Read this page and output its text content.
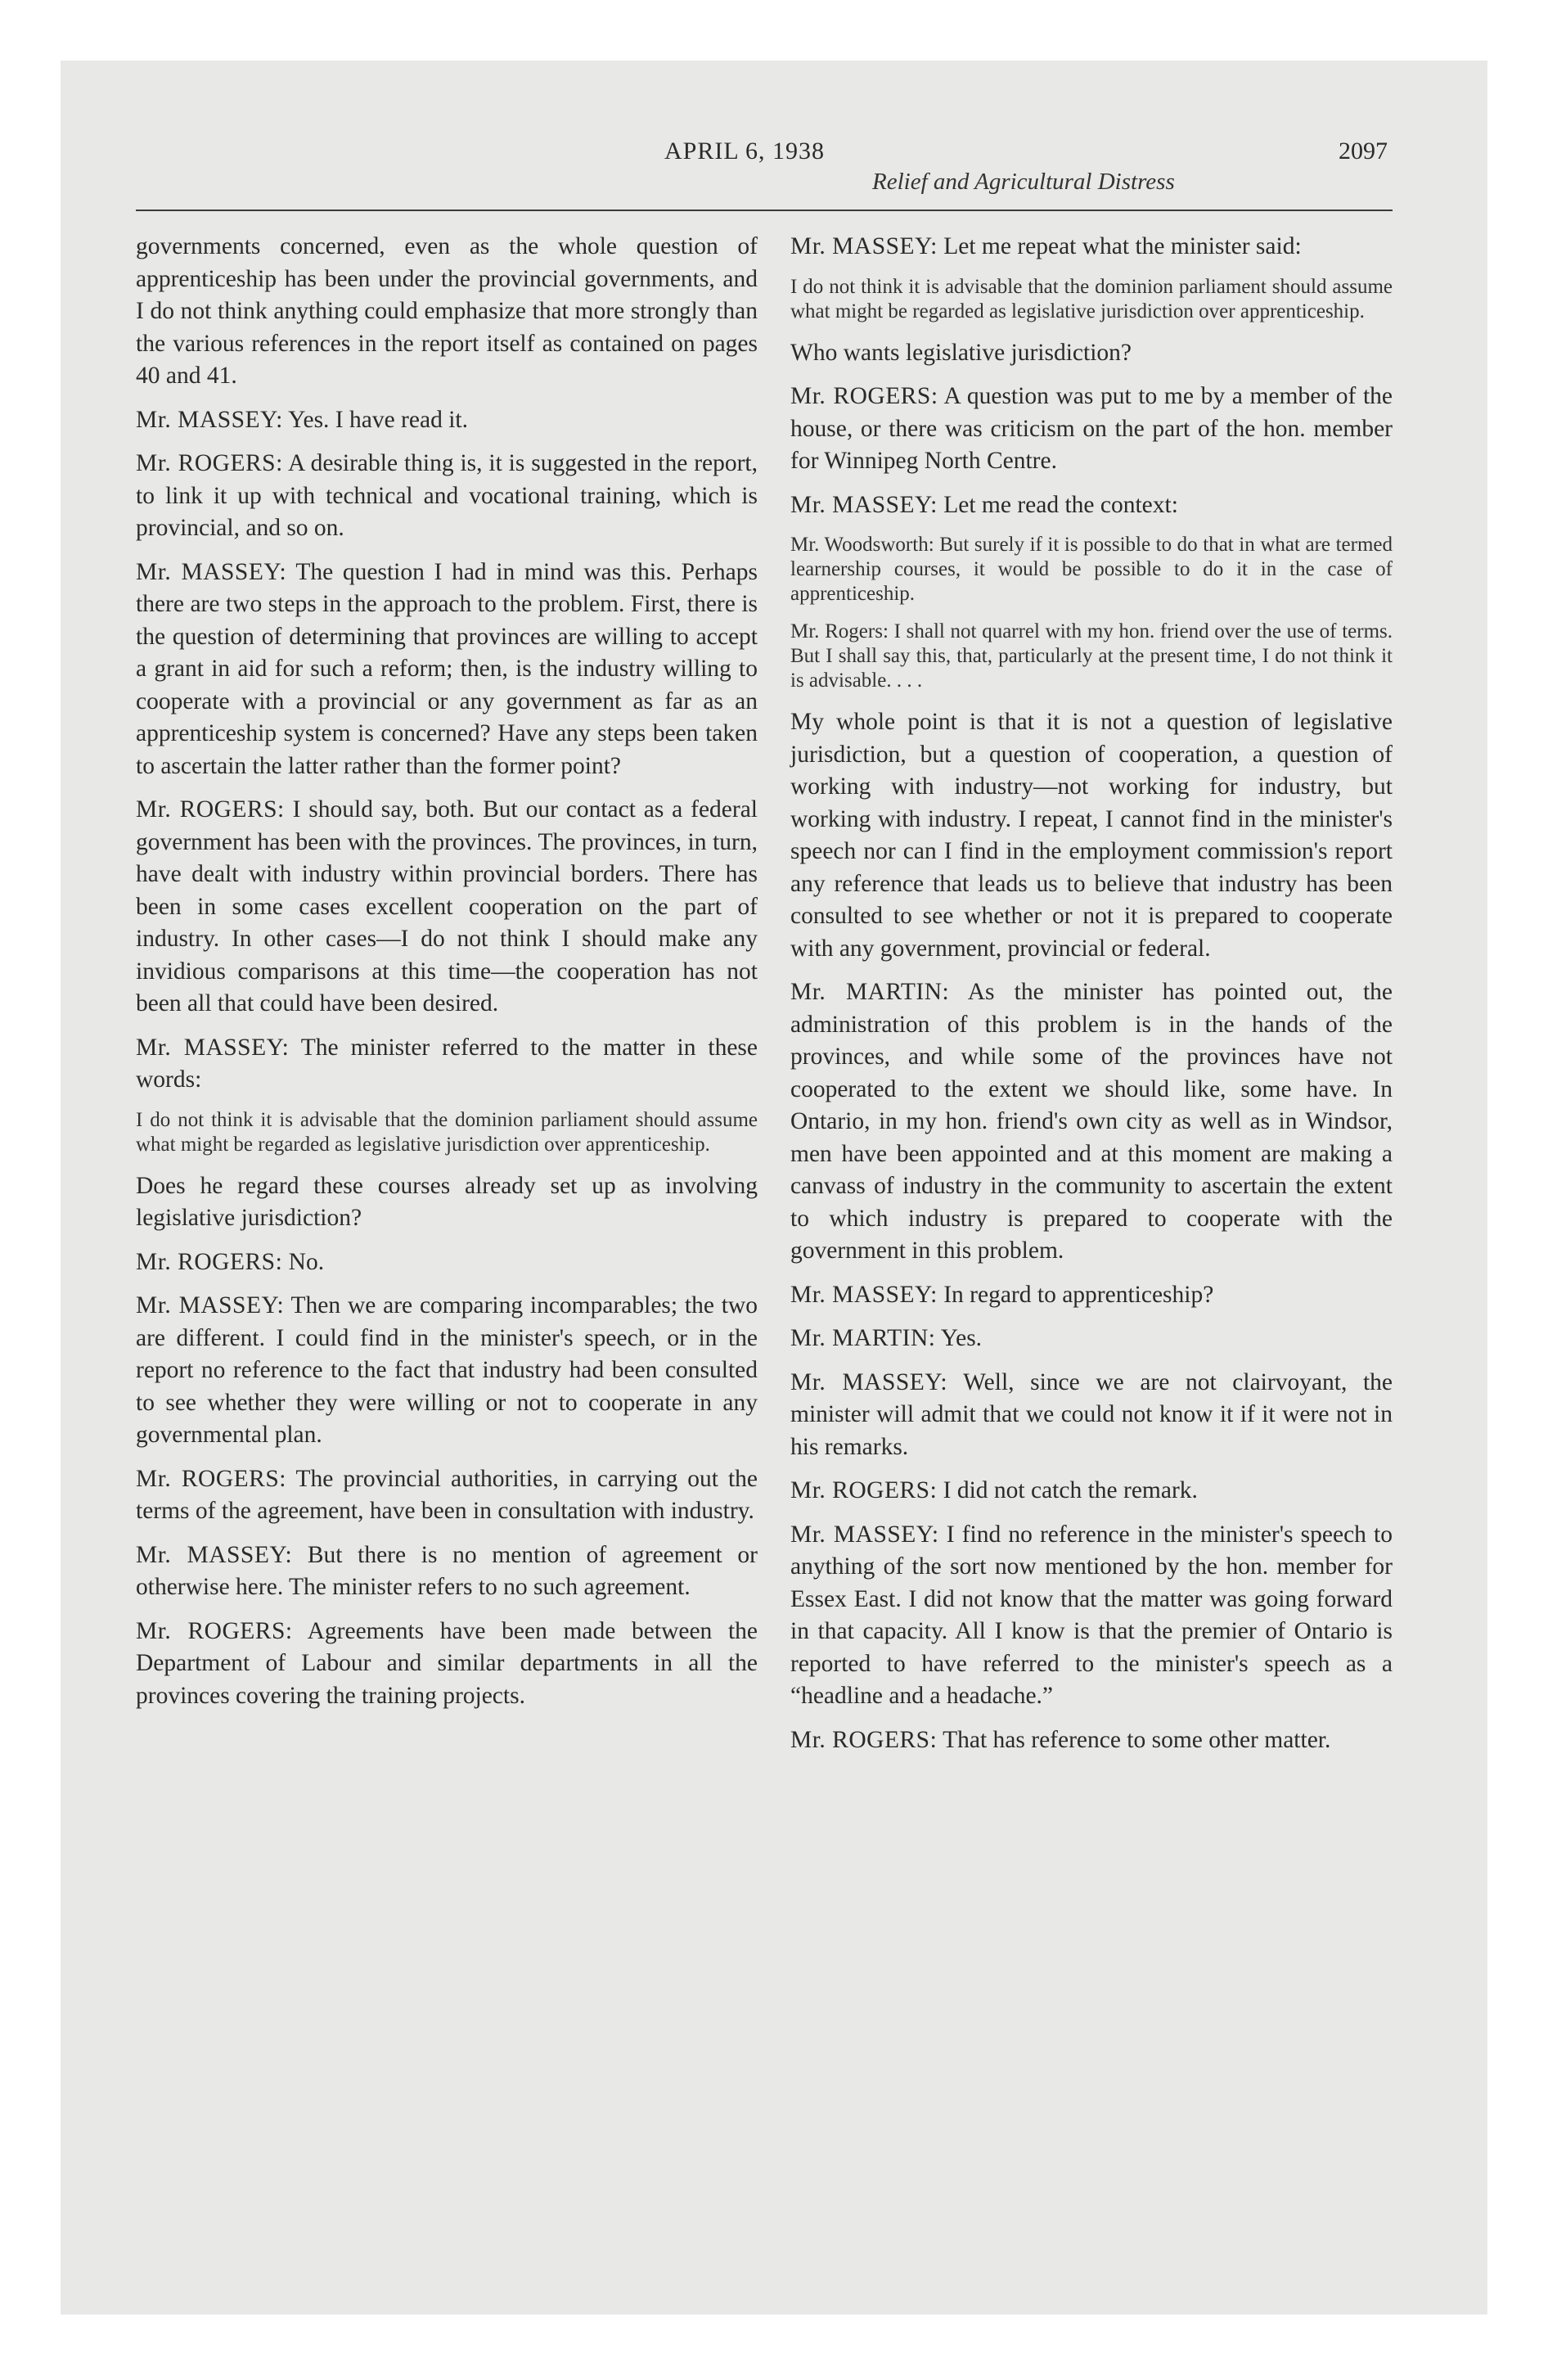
APRIL 6, 1938	2097
Relief and Agricultural Distress

governments concerned, even as the whole question of apprenticeship has been under the provincial governments, and I do not think anything could emphasize that more strongly than the various references in the report itself as contained on pages 40 and 41.

Mr. MASSEY: Yes. I have read it.

Mr. ROGERS: A desirable thing is, it is suggested in the report, to link it up with technical and vocational training, which is provincial, and so on.

Mr. MASSEY: The question I had in mind was this. Perhaps there are two steps in the approach to the problem. First, there is the question of determining that provinces are willing to accept a grant in aid for such a reform; then, is the industry willing to cooperate with a provincial or any government as far as an apprenticeship system is concerned? Have any steps been taken to ascertain the latter rather than the former point?

Mr. ROGERS: I should say, both. But our contact as a federal government has been with the provinces. The provinces, in turn, have dealt with industry within provincial borders. There has been in some cases excellent cooperation on the part of industry. In other cases—I do not think I should make any invidious comparisons at this time—the cooperation has not been all that could have been desired.

Mr. MASSEY: The minister referred to the matter in these words:

I do not think it is advisable that the dominion parliament should assume what might be regarded as legislative jurisdiction over apprenticeship.

Does he regard these courses already set up as involving legislative jurisdiction?

Mr. ROGERS: No.

Mr. MASSEY: Then we are comparing incomparables; the two are different. I could find in the minister's speech, or in the report no reference to the fact that industry had been consulted to see whether they were willing or not to cooperate in any governmental plan.

Mr. ROGERS: The provincial authorities, in carrying out the terms of the agreement, have been in consultation with industry.

Mr. MASSEY: But there is no mention of agreement or otherwise here. The minister refers to no such agreement.

Mr. ROGERS: Agreements have been made between the Department of Labour and similar departments in all the provinces covering the training projects.

Mr. MASSEY: Let me repeat what the minister said:

I do not think it is advisable that the dominion parliament should assume what might be regarded as legislative jurisdiction over apprenticeship.

Who wants legislative jurisdiction?

Mr. ROGERS: A question was put to me by a member of the house, or there was criticism on the part of the hon. member for Winnipeg North Centre.

Mr. MASSEY: Let me read the context:

Mr. Woodsworth: But surely if it is possible to do that in what are termed learnership courses, it would be possible to do it in the case of apprenticeship.

Mr. Rogers: I shall not quarrel with my hon. friend over the use of terms. But I shall say this, that, particularly at the present time, I do not think it is advisable. . . .

My whole point is that it is not a question of legislative jurisdiction, but a question of cooperation, a question of working with industry—not working for industry, but working with industry. I repeat, I cannot find in the minister's speech nor can I find in the employment commission's report any reference that leads us to believe that industry has been consulted to see whether or not it is prepared to cooperate with any government, provincial or federal.

Mr. MARTIN: As the minister has pointed out, the administration of this problem is in the hands of the provinces, and while some of the provinces have not cooperated to the extent we should like, some have. In Ontario, in my hon. friend's own city as well as in Windsor, men have been appointed and at this moment are making a canvass of industry in the community to ascertain the extent to which industry is prepared to cooperate with the government in this problem.

Mr. MASSEY: In regard to apprenticeship?

Mr. MARTIN: Yes.

Mr. MASSEY: Well, since we are not clairvoyant, the minister will admit that we could not know it if it were not in his remarks.

Mr. ROGERS: I did not catch the remark.

Mr. MASSEY: I find no reference in the minister's speech to anything of the sort now mentioned by the hon. member for Essex East. I did not know that the matter was going forward in that capacity. All I know is that the premier of Ontario is reported to have referred to the minister's speech as a “headline and a headache.”

Mr. ROGERS: That has reference to some other matter.
